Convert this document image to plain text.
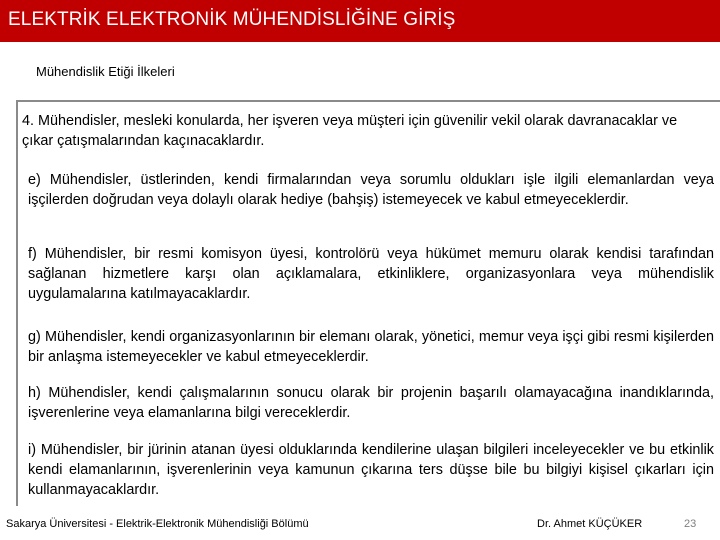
ELEKTRİK ELEKTRONİK MÜHENDİSLİĞİNE GİRİŞ
Mühendislik Etiği İlkeleri
4. Mühendisler, mesleki konularda, her işveren veya müşteri için güvenilir vekil olarak davranacaklar ve çıkar çatışmalarından kaçınacaklardır.
e) Mühendisler, üstlerinden, kendi firmalarından veya sorumlu oldukları işle ilgili elemanlardan veya işçilerden doğrudan veya dolaylı olarak hediye (bahşiş) istemeyecek ve kabul etmeyeceklerdir.
f) Mühendisler, bir resmi komisyon üyesi, kontrolörü veya hükümet memuru olarak kendisi tarafından sağlanan hizmetlere karşı olan açıklamalara, etkinliklere, organizasyonlara veya mühendislik uygulamalarına katılmayacaklardır.
g) Mühendisler, kendi organizasyonlarının bir elemanı olarak, yönetici, memur veya işçi gibi resmi kişilerden bir anlaşma istemeyecekler ve kabul etmeyeceklerdir.
h) Mühendisler, kendi çalışmalarının sonucu olarak bir projenin başarılı olamayacağına inandıklarında, işverenlerine veya elamanlarına bilgi vereceklerdir.
i) Mühendisler, bir jürinin atanan üyesi olduklarında kendilerine ulaşan bilgileri inceleyecekler ve bu etkinlik kendi elamanlarının, işverenlerinin veya kamunun çıkarına ters düşse bile bu bilgiyi kişisel çıkarları için kullanmayacaklardır.
Sakarya Üniversitesi - Elektrik-Elektronik Mühendisliği Bölümü	Dr. Ahmet KÜÇÜKER	23
